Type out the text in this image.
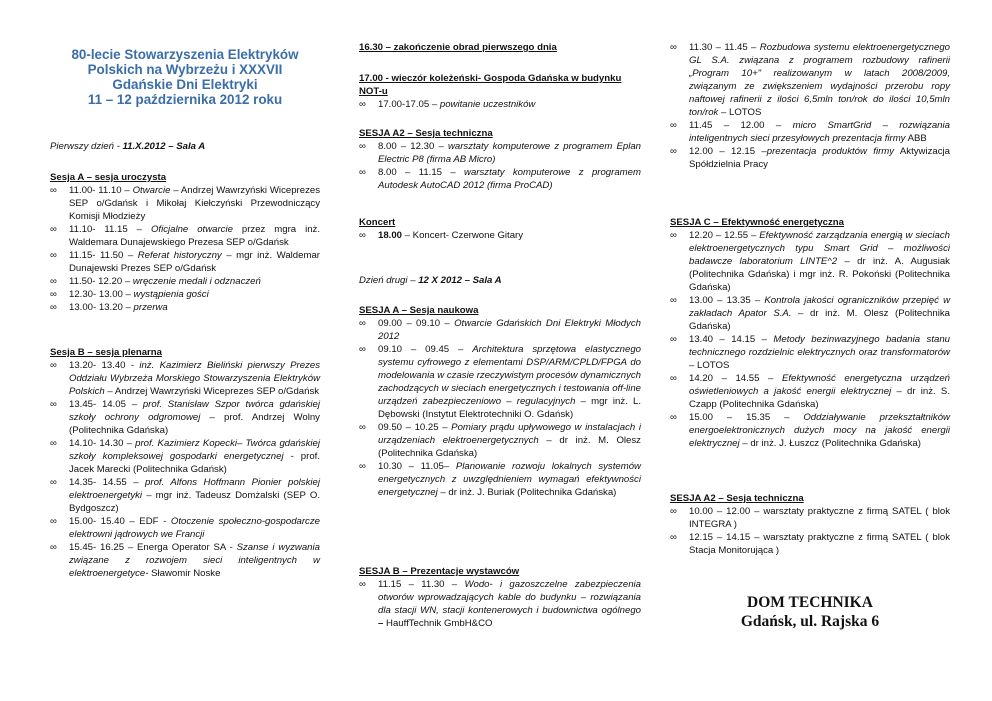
80-lecie Stowarzyszenia Elektryków
Polskich na Wybrzeżu i XXXVII
Gdańskie Dni Elektryki
11 – 12 października 2012 roku
Pierwszy dzień - 11.X.2012 – Sala A
Sesja A – sesja uroczysta
∞ 11.00- 11.10 – Otwarcie – Andrzej Wawrzyński Wiceprezes SEP o/Gdańsk i Mikołaj Kiełczyński Przewodniczący Komisji Młodzieży
∞ 11.10- 11.15 – Oficjalne otwarcie przez mgra inż. Waldemara Dunajewskiego Prezesa SEP o/Gdańsk
∞ 11.15- 11.50 – Referat historyczny – mgr inż. Waldemar Dunajewski Prezes SEP o/Gdańsk
∞ 11.50- 12.20 – wręczenie medali i odznaczeń
∞ 12.30- 13.00 – wystąpienia gości
∞ 13.00- 13.20 – przerwa
Sesja B – sesja plenarna
∞ 13.20- 13.40 - inż. Kazimierz Bieliński pierwszy Prezes Oddziału Wybrzeża Morskiego Stowarzyszenia Elektryków Polskich – Andrzej Wawrzyński Wiceprezes SEP o/Gdańsk
∞ 13.45- 14.05 – prof. Stanisław Szpor twórca gdańskiej szkoły ochrony odgromowej – prof. Andrzej Wolny (Politechnika Gdańska)
∞ 14.10- 14.30 – prof. Kazimierz Kopecki– Twórca gdańskiej szkoły kompleksowej gospodarki energetycznej - prof. Jacek Marecki (Politechnika Gdańsk)
∞ 14.35- 14.55 – prof. Alfons Hoffmann Pionier polskiej elektroenergetyki – mgr inż. Tadeusz Domżalski (SEP O. Bydgoszcz)
∞ 15.00- 15.40 – EDF - Otoczenie społeczno-gospodarcze elektrowni jądrowych we Francji
∞ 15.45- 16.25 – Energa Operator SA - Szanse i wyzwania związane z rozwojem sieci inteligentnych w elektroenergetyce- Sławomir Noske
16.30 – zakończenie obrad pierwszego dnia
17.00 - wieczór koleżeński- Gospoda Gdańska w budynku NOT-u
∞ 17.00-17.05 – powitanie uczestników
SESJA A2 – Sesja techniczna
∞ 8.00 – 12.30 – warsztaty komputerowe z programem Eplan Electric P8 (firma AB Micro)
∞ 8.00 – 11.15 – warsztaty komputerowe z programem Autodesk AutoCAD 2012 (firma ProCAD)
Koncert
∞ 18.00 – Koncert- Czerwone Gitary
Dzień drugi – 12 X 2012 – Sala A
SESJA A – Sesja naukowa
∞ 09.00 – 09.10 – Otwarcie Gdańskich Dni Elektryki Młodych 2012
∞ 09.10 – 09.45 – Architektura sprzętowa elastycznego systemu cyfrowego z elementami DSP/ARM/CPLD/FPGA do modelowania w czasie rzeczywistym procesów dynamicznych zachodzących w sieciach energetycznych i testowania off-line urządzeń zabezpieczeniowo – regulacyjnych – mgr inż. L. Dębowski (Instytut Elektrotechniki O. Gdańsk)
∞ 09.50 – 10.25 – Pomiary prądu upływowego w instalacjach i urządzeniach elektroenergetycznych – dr inż. M. Olesz (Politechnika Gdańska)
∞ 10.30 – 11.05– Planowanie rozwoju lokalnych systemów energetycznych z uwzględnieniem wymagań efektywności energetycznej – dr inż. J. Buriak (Politechnika Gdańska)
SESJA B – Prezentacje wystawców
∞ 11.15 – 11.30 – Wodo- i gazoszczelne zabezpieczenia otworów wprowadzających kable do budynku – rozwiązania dla stacji WN, stacji kontenerowych i budownictwa ogólnego – HauffTechnik GmbH&CO
∞ 11.30 – 11.45 – Rozbudowa systemu elektroenergetycznego GL S.A. związana z programem rozbudowy rafinerii „Program 10+" realizowanym w latach 2008/2009, związanym ze zwiększeniem wydajności przerobu ropy naftowej rafinerii z ilości 6,5mln ton/rok do ilości 10,5mln ton/rok – LOTOS
∞ 11.45 – 12.00 – micro SmartGrid – rozwiązania inteligentnych sieci przesyłowych prezentacja firmy ABB
∞ 12.00 – 12.15 –prezentacja produktów firmy Aktywizacja Spółdzielnia Pracy
SESJA C – Efektywność energetyczna
∞ 12.20 – 12.55 – Efektywność zarządzania energią w sieciach elektroenergetycznych typu Smart Grid – możliwości badawcze laboratorium LINTE^2 – dr inż. A. Augusiak (Politechnika Gdańska) i mgr inż. R. Pokoński (Politechnika Gdańska)
∞ 13.00 – 13.35 – Kontrola jakości ograniczników przepięć w zakładach Apator S.A. – dr inż. M. Olesz (Politechnika Gdańska)
∞ 13.40 – 14.15 – Metody bezinwazyjnego badania stanu technicznego rozdzielnic elektrycznych oraz transformatorów – LOTOS
∞ 14.20 – 14.55 – Efektywność energetyczna urządzeń oświetleniowych a jakość energii elektrycznej – dr inż. S. Czapp (Politechnika Gdańska)
∞ 15.00 – 15.35 – Oddziaływanie przekształtników energoelektronicznych dużych mocy na jakość energii elektrycznej – dr inż. J. Łuszcz (Politechnika Gdańska)
SESJA A2 – Sesja techniczna
∞ 10.00 – 12.00 – warsztaty praktyczne z firmą SATEL ( blok INTEGRA )
∞ 12.15 – 14.15 – warsztaty praktyczne z firmą SATEL ( blok Stacja Monitorująca )
DOM TECHNIKA
Gdańsk, ul. Rajska 6
